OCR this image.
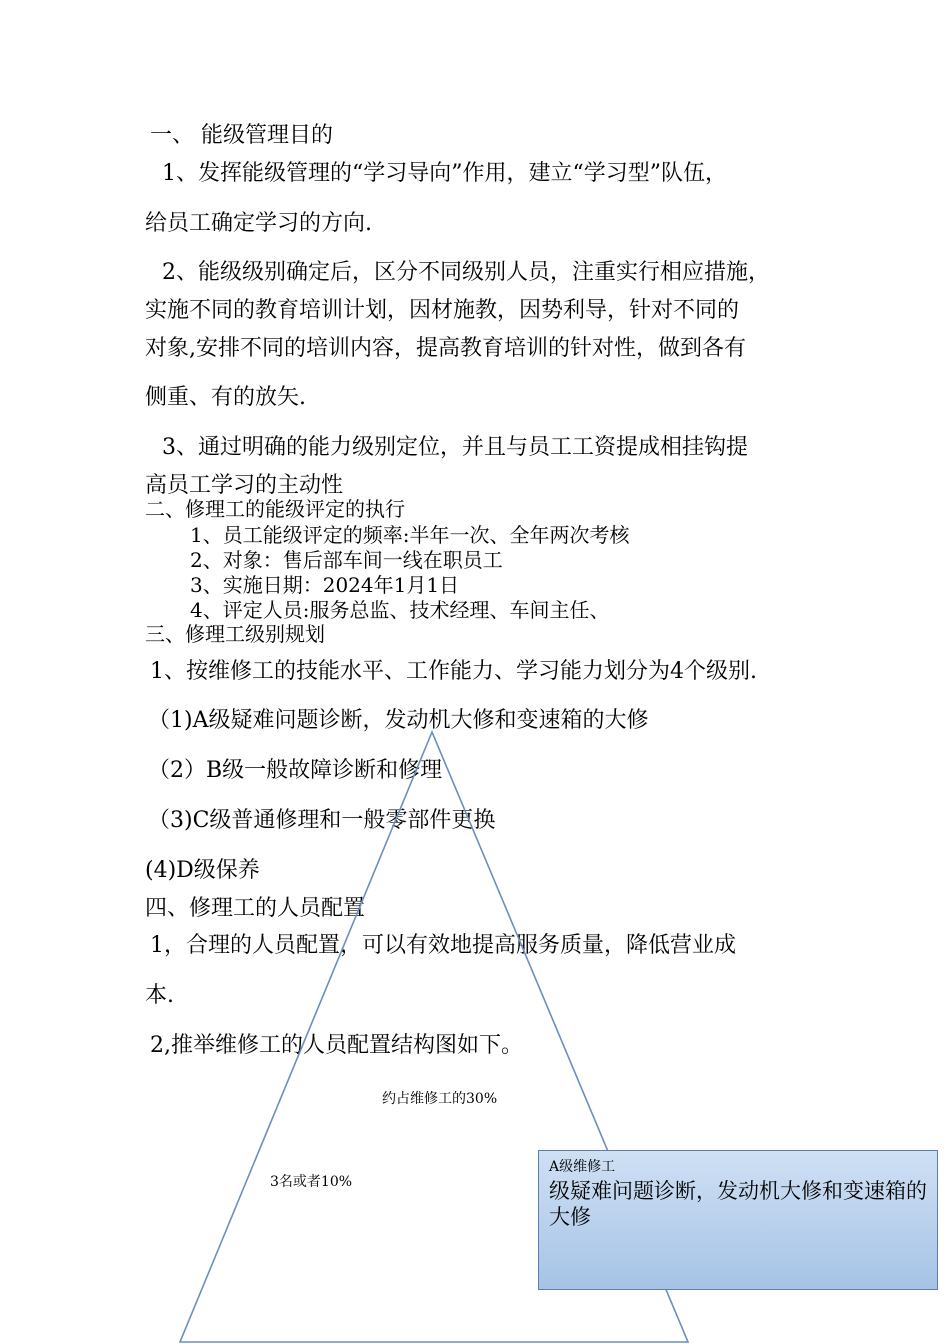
一、 能级管理目的
1、发挥能级管理的“学习导向”作用，建立“学习型”队伍，
给员工确定学习的方向.
2、能级级别确定后，区分不同级别人员，注重实行相应措施，
实施不同的教育培训计划，因材施教，因势利导，针对不同的
对象,安排不同的培训内容，提高教育培训的针对性，做到各有
侧重、有的放矢.
3、通过明确的能力级别定位，并且与员工工资提成相挂钩提
高员工学习的主动性
二、修理工的能级评定的执行
1、员工能级评定的频率:半年一次、全年两次考核
2、对象：售后部车间一线在职员工
3、实施日期：2024年1月1日
4、评定人员:服务总监、技术经理、车间主任、
三、修理工级别规划
1、按维修工的技能水平、工作能力、学习能力划分为4个级别.
（1)A级疑难问题诊断，发动机大修和变速箱的大修
（2）B级一般故障诊断和修理
（3)C级普通修理和一般零部件更换
(4)D级保养
四、修理工的人员配置
1，合理的人员配置，可以有效地提高服务质量，降低营业成
本.
2,推举维修工的人员配置结构图如下。
约占维修工的30%
3名或者10%
A级维修工
级疑难问题诊断，发动机大修和变速箱的大修
